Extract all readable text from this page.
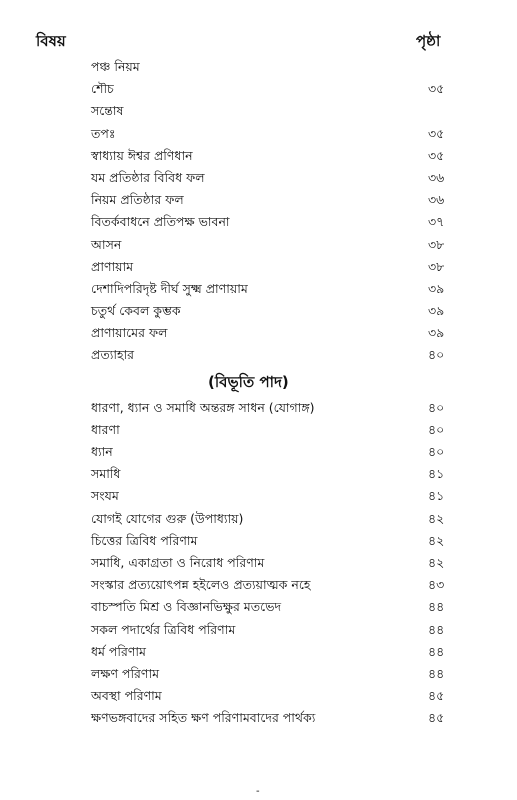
বিষয়	পৃষ্ঠা
পঞ্চ নিয়ম
শৌচ	৩৫
সন্তোষ
তপঃ	৩৫
স্বাধ্যায় ঈশ্বর প্রণিধান	৩৫
যম প্রতিষ্ঠার বিবিধ ফল	৩৬
নিয়ম প্রতিষ্ঠার ফল	৩৬
বিতর্কবাধনে প্রতিপক্ষ ভাবনা	৩৭
আসন	৩৮
প্রাণায়াম	৩৮
দেশাদিপরিদৃষ্ট দীর্ঘ সুক্ষ্ম প্রাণায়াম	৩৯
চতুর্থ কেবল কুম্ভক	৩৯
প্রাণায়ামের ফল	৩৯
প্রত্যাহার	৪০
(বিভূতি পাদ)
ধারণা, ধ্যান ও সমাধি অন্তরঙ্গ সাধন (যোগাঙ্গ)	৪০
ধারণা	৪০
ধ্যান	৪০
সমাধি	৪১
সংযম	৪১
যোগই যোগের গুরু (উপাধ্যায়)	৪২
চিত্তের ত্রিবিধ পরিণাম	৪২
সমাধি, একাগ্রতা ও নিরোধ পরিণাম	৪২
সংস্কার প্রত্যয়োৎপন্ন হইলেও প্রত্যয়াত্মক নহে	৪৩
বাচস্পতি মিশ্র ও বিজ্ঞানভিক্ষুর মতভেদ	৪৪
সকল পদার্থের ত্রিবিধ পরিণাম	৪৪
ধর্ম পরিণাম	৪৪
লক্ষণ পরিণাম	৪৪
অবস্থা পরিণাম	৪৫
ক্ষণভঙ্গবাদের সহিত ক্ষণ পরিণামবাদের পার্থক্য	৪৫
-
